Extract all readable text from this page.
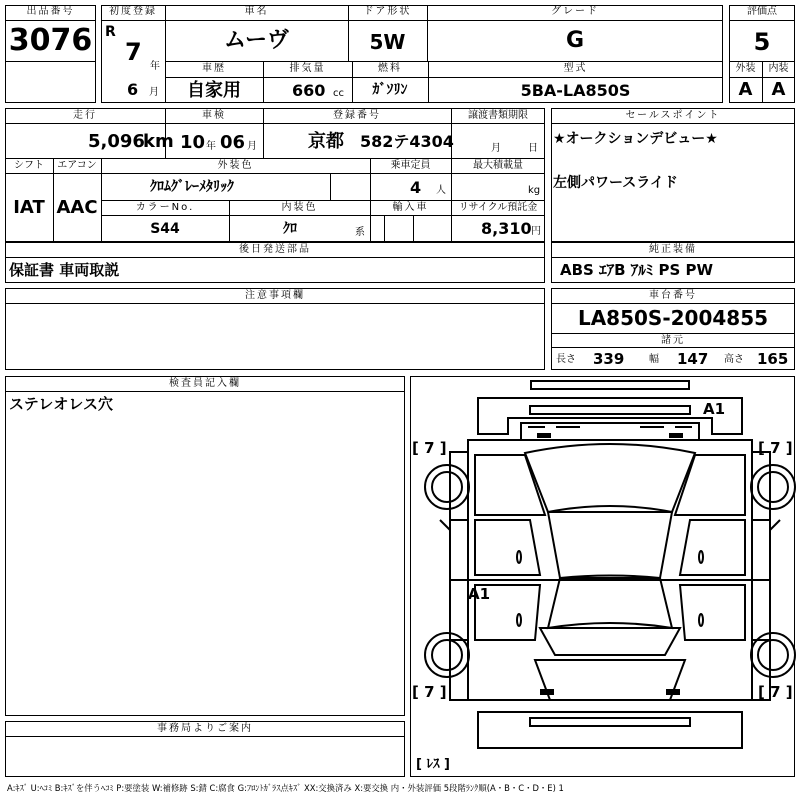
出品番号
3076
初度登録
R
7
年
6 月
車名
ムーヴ
ドア形状
5W
グレード
G
車歴
自家用
排気量
660 cc
燃料
ｶﾞｿﾘﾝ
型式
5BA-LA850S
評価点
5
外装	内装
A	A
走行
5,096
km
車検
10 年 06 月
登録番号
京都 582テ4304
譲渡書類期限
月	日
シフト
IAT
エアコン
AAC
外装色
ｸﾛﾑｸﾞﾚｰﾒﾀﾘｯｸ
乗車定員
4 人
最大積載量
kg
カラーNo.
S44
内装色
ｸﾛ	系
輸入車	リサイクル預託金
8,310 円
セールスポイント
★オークションデビュー★
左側パワースライド
後日発送部品
保証書 車両取説
純正装備
ABS ｴｱB ｱﾙﾐ PS PW
注意事項欄	車台番号
LA850S-2004855
諸元
長さ 339 幅 147 高さ 165
検査員記入欄
ステレオレス穴
事務局よりご案内
A1
A1
[ 7 ]	[ 7 ]
[ 7 ]	[ 7 ]
[ ﾚｽ ]
A:ｷｽﾞ U:ﾍｺﾐ B:ｷｽﾞを伴うﾍｺﾐ P:要塗装 W:補修跡 S:錆 C:腐食 G:ﾌﾛﾝﾄｶﾞﾗｽ点ｷｽﾞ XX:交換済み X:要交換 内・外装評価 5段階ﾗﾝｸ順(A・B・C・D・E) 1
